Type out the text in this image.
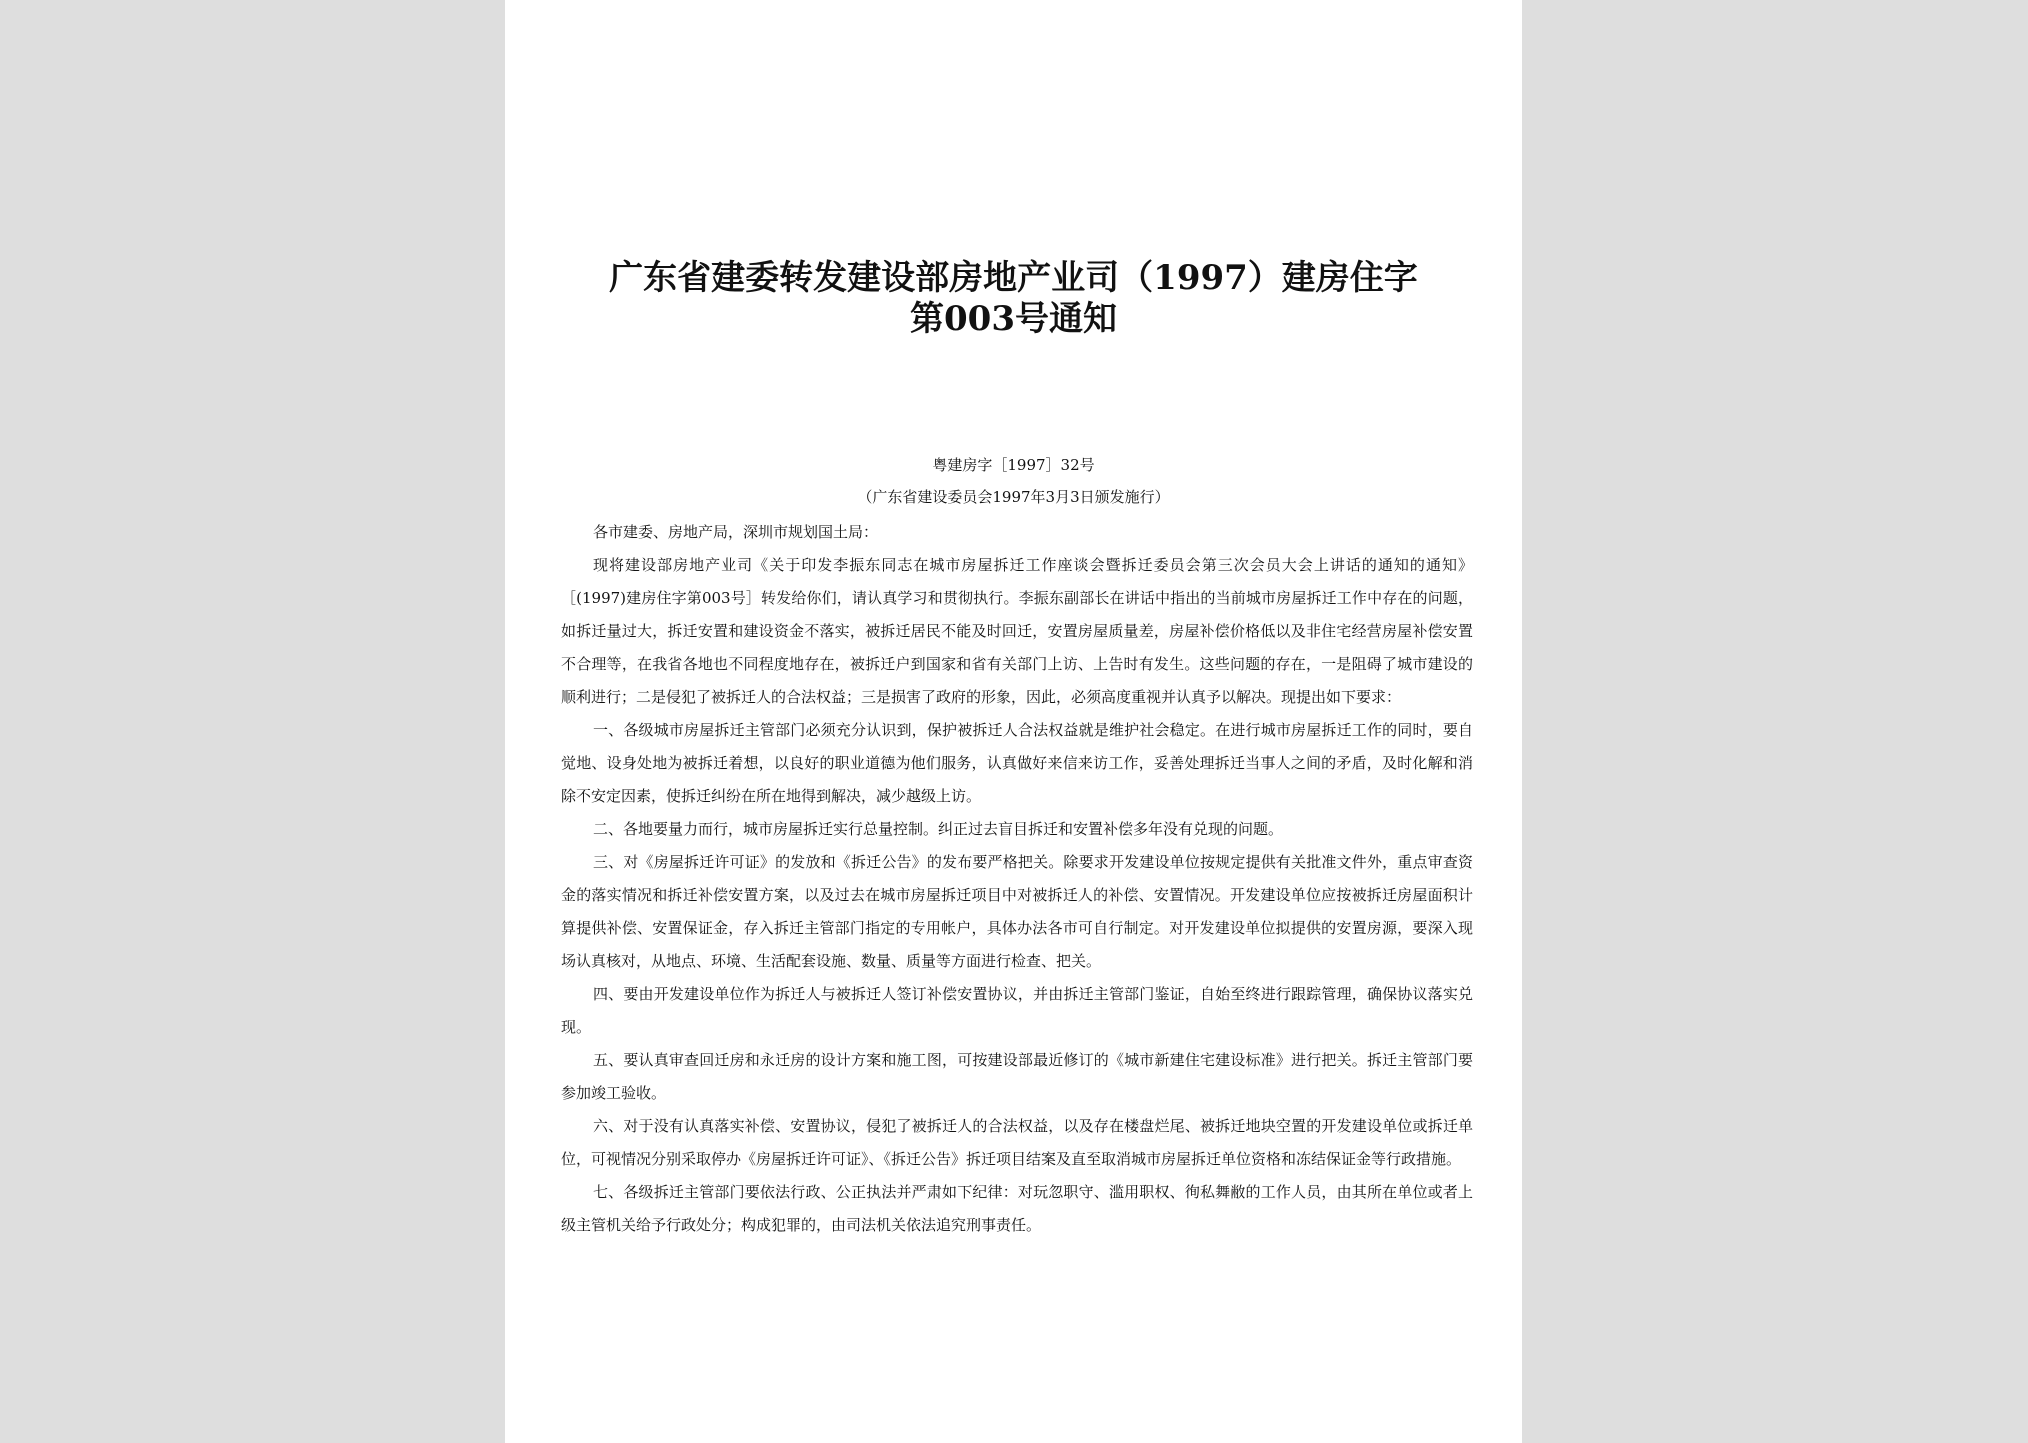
广东省建委转发建设部房地产业司（1997）建房住字
第003号通知
粤建房字［1997］32号
（广东省建设委员会1997年3月3日颁发施行）

各市建委、房地产局，深圳市规划国土局：

现将建设部房地产业司《关于印发李振东同志在城市房屋拆迁工作座谈会暨拆迁委员会第三次会员大会上讲话的通知的通知》［(1997)建房住字第003号］转发给你们，请认真学习和贯彻执行。李振东副部长在讲话中指出的当前城市房屋拆迁工作中存在的问题，如拆迁量过大，拆迁安置和建设资金不落实，被拆迁居民不能及时回迁，安置房屋质量差，房屋补偿价格低以及非住宅经营房屋补偿安置不合理等，在我省各地也不同程度地存在，被拆迁户到国家和省有关部门上访、上告时有发生。这些问题的存在，一是阻碍了城市建设的顺利进行；二是侵犯了被拆迁人的合法权益；三是损害了政府的形象，因此，必须高度重视并认真予以解决。现提出如下要求：

一、各级城市房屋拆迁主管部门必须充分认识到，保护被拆迁人合法权益就是维护社会稳定。在进行城市房屋拆迁工作的同时，要自觉地、设身处地为被拆迁着想，以良好的职业道德为他们服务，认真做好来信来访工作，妥善处理拆迁当事人之间的矛盾，及时化解和消除不安定因素，使拆迁纠纷在所在地得到解决，减少越级上访。

二、各地要量力而行，城市房屋拆迁实行总量控制。纠正过去盲目拆迁和安置补偿多年没有兑现的问题。

三、对《房屋拆迁许可证》的发放和《拆迁公告》的发布要严格把关。除要求开发建设单位按规定提供有关批准文件外，重点审查资金的落实情况和拆迁补偿安置方案，以及过去在城市房屋拆迁项目中对被拆迁人的补偿、安置情况。开发建设单位应按被拆迁房屋面积计算提供补偿、安置保证金，存入拆迁主管部门指定的专用帐户，具体办法各市可自行制定。对开发建设单位拟提供的安置房源，要深入现场认真核对，从地点、环境、生活配套设施、数量、质量等方面进行检查、把关。

四、要由开发建设单位作为拆迁人与被拆迁人签订补偿安置协议，并由拆迁主管部门鉴证，自始至终进行跟踪管理，确保协议落实兑现。

五、要认真审查回迁房和永迁房的设计方案和施工图，可按建设部最近修订的《城市新建住宅建设标准》进行把关。拆迁主管部门要参加竣工验收。

六、对于没有认真落实补偿、安置协议，侵犯了被拆迁人的合法权益，以及存在楼盘烂尾、被拆迁地块空置的开发建设单位或拆迁单位，可视情况分别采取停办《房屋拆迁许可证》、《拆迁公告》拆迁项目结案及直至取消城市房屋拆迁单位资格和冻结保证金等行政措施。

七、各级拆迁主管部门要依法行政、公正执法并严肃如下纪律：对玩忽职守、滥用职权、徇私舞敝的工作人员，由其所在单位或者上级主管机关给予行政处分；构成犯罪的，由司法机关依法追究刑事责任。
